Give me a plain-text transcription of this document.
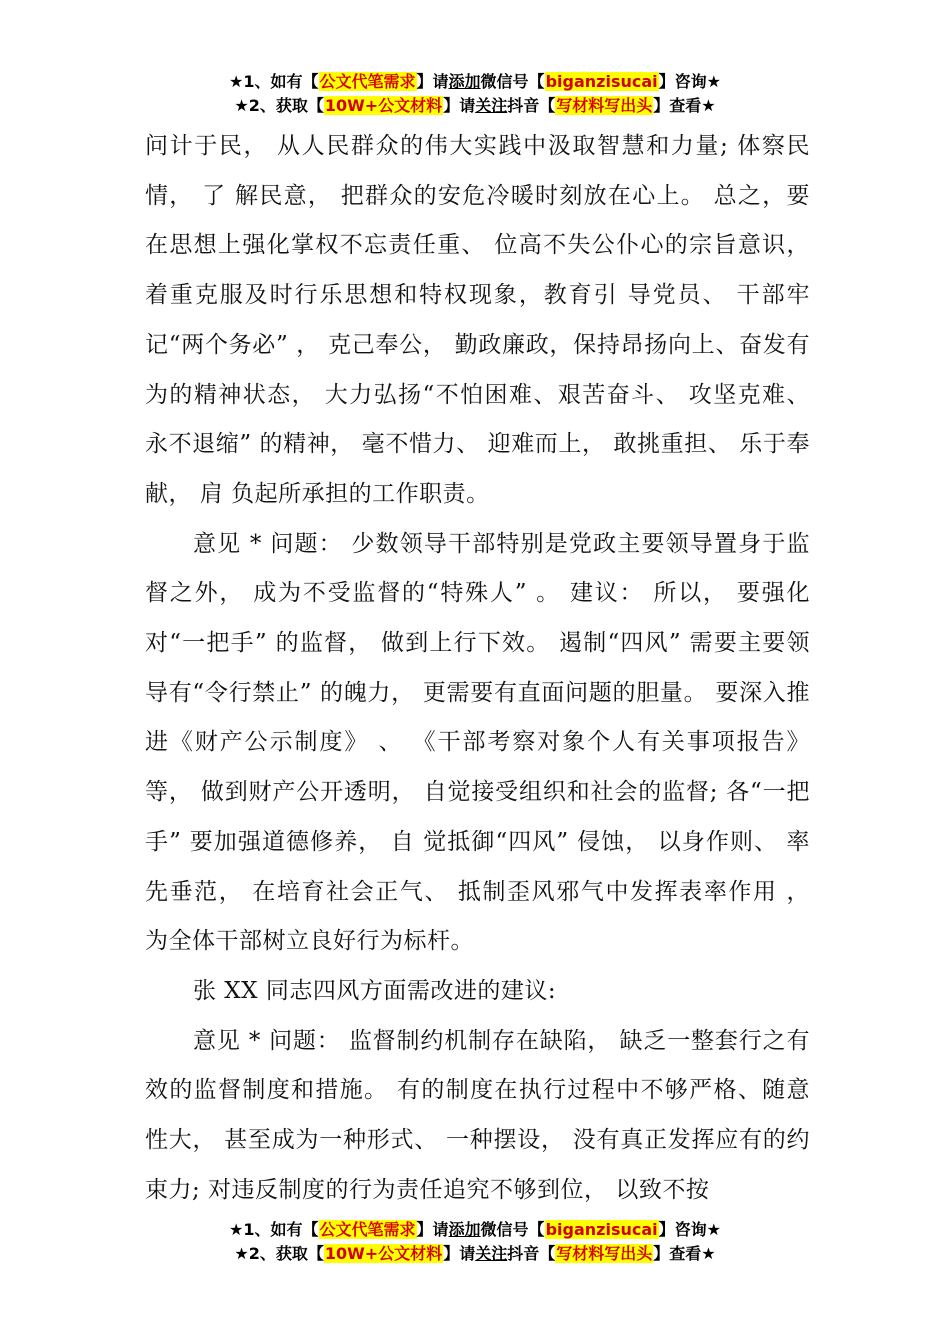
★1、如有【公文代笔需求】请添加微信号【biganzisucai】咨询★
★2、获取【10W+公文材料】请关注抖音【写材料写出头】查看★

问计于民， 从人民群众的伟大实践中汲取智慧和力量; 体察民情， 了 解民意， 把群众的安危冷暖时刻放在心上。 总之，要在思想上强化掌权不忘责任重、 位高不失公仆心的宗旨意识， 着重克服及时行乐思想和特权现象，教育引 导党员、 干部牢记“两个务必” ， 克己奉公， 勤政廉政，保持昂扬向上、奋发有为的精神状态， 大力弘扬“不怕困难、艰苦奋斗、 攻坚克难、 永不退缩” 的精神， 毫不惜力、 迎难而上， 敢挑重担、 乐于奉献， 肩 负起所承担的工作职责。

意见 * 问题： 少数领导干部特别是党政主要领导置身于监督之外， 成为不受监督的“特殊人” 。 建议： 所以， 要强化对“一把手” 的监督， 做到上行下效。 遏制“四风” 需要主要领导有“令行禁止” 的魄力， 更需要有直面问题的胆量。 要深入推进《财产公示制度》 、 《干部考察对象个人有关事项报告》等， 做到财产公开透明， 自觉接受组织和社会的监督; 各“一把手” 要加强道德修养， 自 觉抵御“四风” 侵蚀， 以身作则、 率先垂范， 在培育社会正气、 抵制歪风邪气中发挥表率作用 ， 为全体干部树立良好行为标杆。

张 XX 同志四风方面需改进的建议:

意见 * 问题： 监督制约机制存在缺陷， 缺乏一整套行之有效的监督制度和措施。 有的制度在执行过程中不够严格、随意性大， 甚至成为一种形式、 一种摆设， 没有真正发挥应有的约束力; 对违反制度的行为责任追究不够到位， 以致不按

★1、如有【公文代笔需求】请添加微信号【biganzisucai】咨询★
★2、获取【10W+公文材料】请关注抖音【写材料写出头】查看★
